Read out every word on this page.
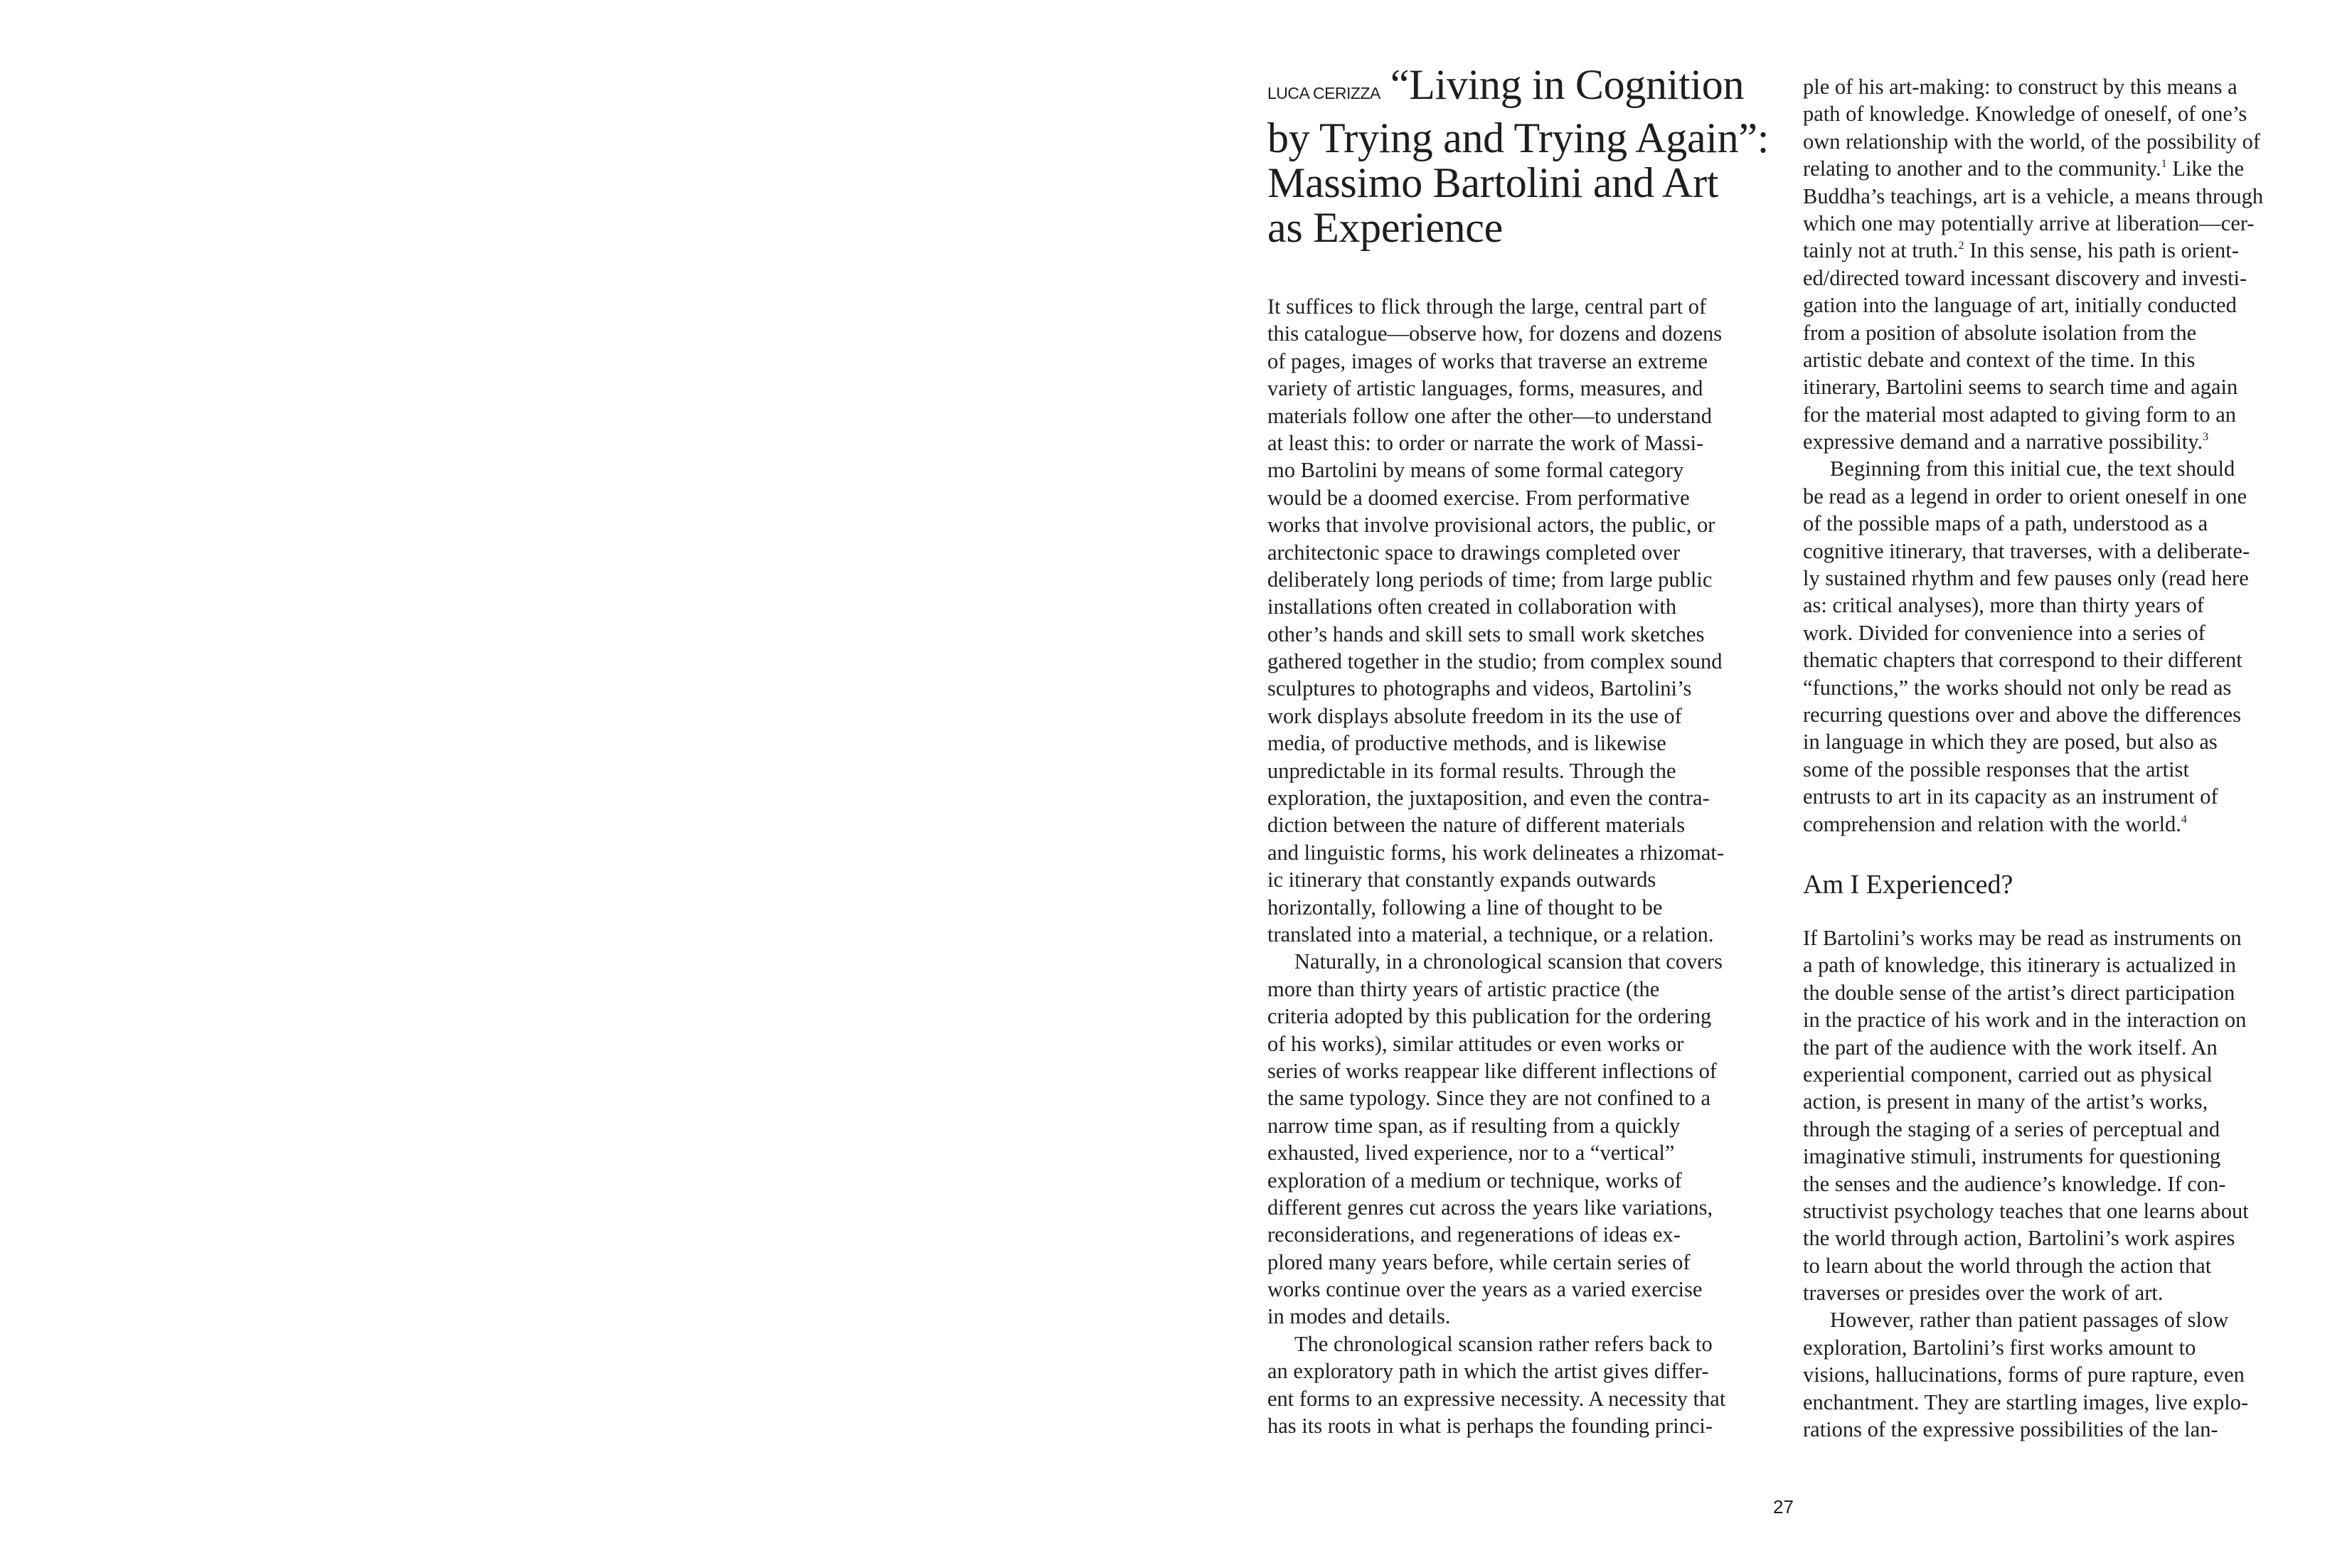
LUCA CERIZZA “Living in Cognition
by Trying and Trying Again”:
Massimo Bartolini and Art
as Experience
It suffices to flick through the large, central part of
this catalogue—observe how, for dozens and dozens
of pages, images of works that traverse an extreme
variety of artistic languages, forms, measures, and
materials follow one after the other—to understand
at least this: to order or narrate the work of Massi-
mo Bartolini by means of some formal category
would be a doomed exercise. From performative
works that involve provisional actors, the public, or
architectonic space to drawings completed over
deliberately long periods of time; from large public
installations often created in collaboration with
other’s hands and skill sets to small work sketches
gathered together in the studio; from complex sound
sculptures to photographs and videos, Bartolini’s
work displays absolute freedom in its the use of
media, of productive methods, and is likewise
unpredictable in its formal results. Through the
exploration, the juxtaposition, and even the contra-
diction between the nature of different materials
and linguistic forms, his work delineates a rhizomat-
ic itinerary that constantly expands outwards
horizontally, following a line of thought to be
translated into a material, a technique, or a relation.
Naturally, in a chronological scansion that covers
more than thirty years of artistic practice (the
criteria adopted by this publication for the ordering
of his works), similar attitudes or even works or
series of works reappear like different inflections of
the same typology. Since they are not confined to a
narrow time span, as if resulting from a quickly
exhausted, lived experience, nor to a “vertical”
exploration of a medium or technique, works of
different genres cut across the years like variations,
reconsiderations, and regenerations of ideas ex-
plored many years before, while certain series of
works continue over the years as a varied exercise
in modes and details.
The chronological scansion rather refers back to
an exploratory path in which the artist gives differ-
ent forms to an expressive necessity. A necessity that
has its roots in what is perhaps the founding princi-
ple of his art-making: to construct by this means a
path of knowledge. Knowledge of oneself, of one’s
own relationship with the world, of the possibility of
relating to another and to the community.$^1$ Like the
Buddha’s teachings, art is a vehicle, a means through
which one may potentially arrive at liberation—cer-
tainly not at truth.$^2$ In this sense, his path is orient-
ed/directed toward incessant discovery and investi-
gation into the language of art, initially conducted
from a position of absolute isolation from the
artistic debate and context of the time. In this
itinerary, Bartolini seems to search time and again
for the material most adapted to giving form to an
expressive demand and a narrative possibility.$^3$
Beginning from this initial cue, the text should
be read as a legend in order to orient oneself in one
of the possible maps of a path, understood as a
cognitive itinerary, that traverses, with a deliberate-
ly sustained rhythm and few pauses only (read here
as: critical analyses), more than thirty years of
work. Divided for convenience into a series of
thematic chapters that correspond to their different
“functions,” the works should not only be read as
recurring questions over and above the differences
in language in which they are posed, but also as
some of the possible responses that the artist
entrusts to art in its capacity as an instrument of
comprehension and relation with the world.$^4$
Am I Experienced?
If Bartolini’s works may be read as instruments on
a path of knowledge, this itinerary is actualized in
the double sense of the artist’s direct participation
in the practice of his work and in the interaction on
the part of the audience with the work itself. An
experiential component, carried out as physical
action, is present in many of the artist’s works,
through the staging of a series of perceptual and
imaginative stimuli, instruments for questioning
the senses and the audience’s knowledge. If con-
structivist psychology teaches that one learns about
the world through action, Bartolini’s work aspires
to learn about the world through the action that
traverses or presides over the work of art.
However, rather than patient passages of slow
exploration, Bartolini’s first works amount to
visions, hallucinations, forms of pure rapture, even
enchantment. They are startling images, live explo-
rations of the expressive possibilities of the lan-
27
